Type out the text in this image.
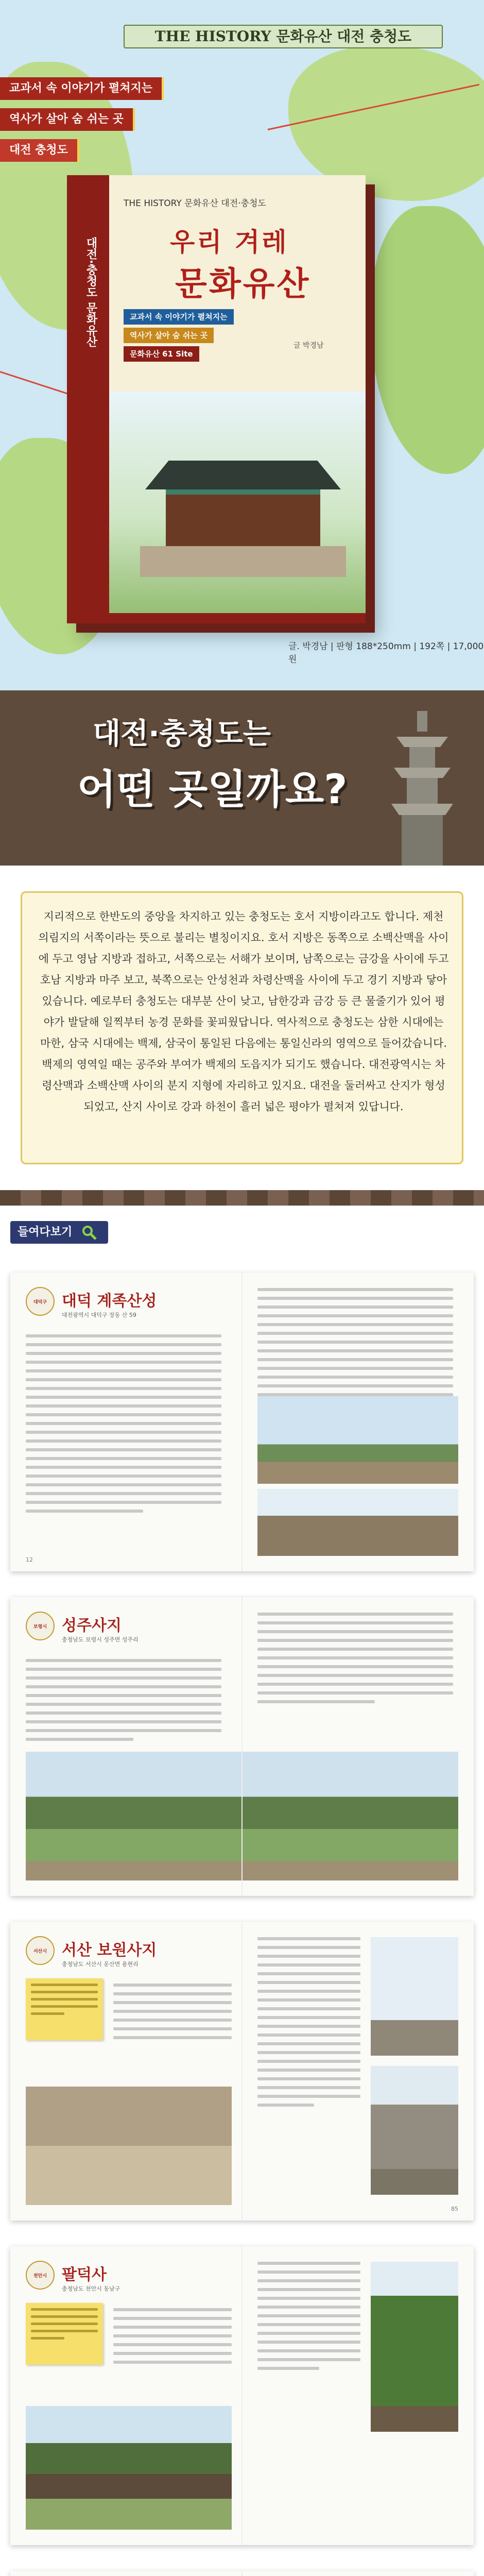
THE HISTORY 문화유산 대전 충청도
교과서 속 이야기가 펼쳐지는
역사가 살아 숨 쉬는 곳
대전 충청도
대전·충청도 문화유산
THE HISTORY 문화유산 대전·충청도
우리 겨레
문화유산
교과서 속 이야기가 펼쳐지는
역사가 살아 숨 쉬는 곳
문화유산 61 Site
글 박경남
글. 박경남 | 판형 188*250mm | 192쪽 | 17,000원
대전·충청도는
어떤 곳일까요?

지리적으로 한반도의 중앙을 차지하고 있는 충청도는 호서 지방이라고도 합니다. 제천 의림지의 서쪽이라는 뜻으로 불리는 별칭이지요. 호서 지방은 동쪽으로 소백산맥을 사이에 두고 영남 지방과 접하고, 서쪽으로는 서해가 보이며, 남쪽으로는 금강을 사이에 두고 호남 지방과 마주 보고, 북쪽으로는 안성천과 차령산맥을 사이에 두고 경기 지방과 닿아 있습니다. 예로부터 충청도는 대부분 산이 낮고, 남한강과 금강 등 큰 물줄기가 있어 평야가 발달해 일찍부터 농경 문화를 꽃피웠답니다. 역사적으로 충청도는 삼한 시대에는 마한, 삼국 시대에는 백제, 삼국이 통일된 다음에는 통일신라의 영역으로 들어갔습니다. 백제의 영역일 때는 공주와 부여가 백제의 도읍지가 되기도 했습니다. 대전광역시는 차령산맥과 소백산맥 사이의 분지 지형에 자리하고 있지요. 대전을 둘러싸고 산지가 형성되었고, 산지 사이로 강과 하천이 흘러 넓은 평야가 펼쳐져 있답니다.

들여다보기
대덕구 대덕 계족산성
대전광역시 대덕구 장동 산 59
12
보령시 성주사지
충청남도 보령시 성주면 성주리
서산시 서산 보원사지
충청남도 서산시 운산면 용현리
85
천안시 팔덕사
충청남도 천안시 동남구
